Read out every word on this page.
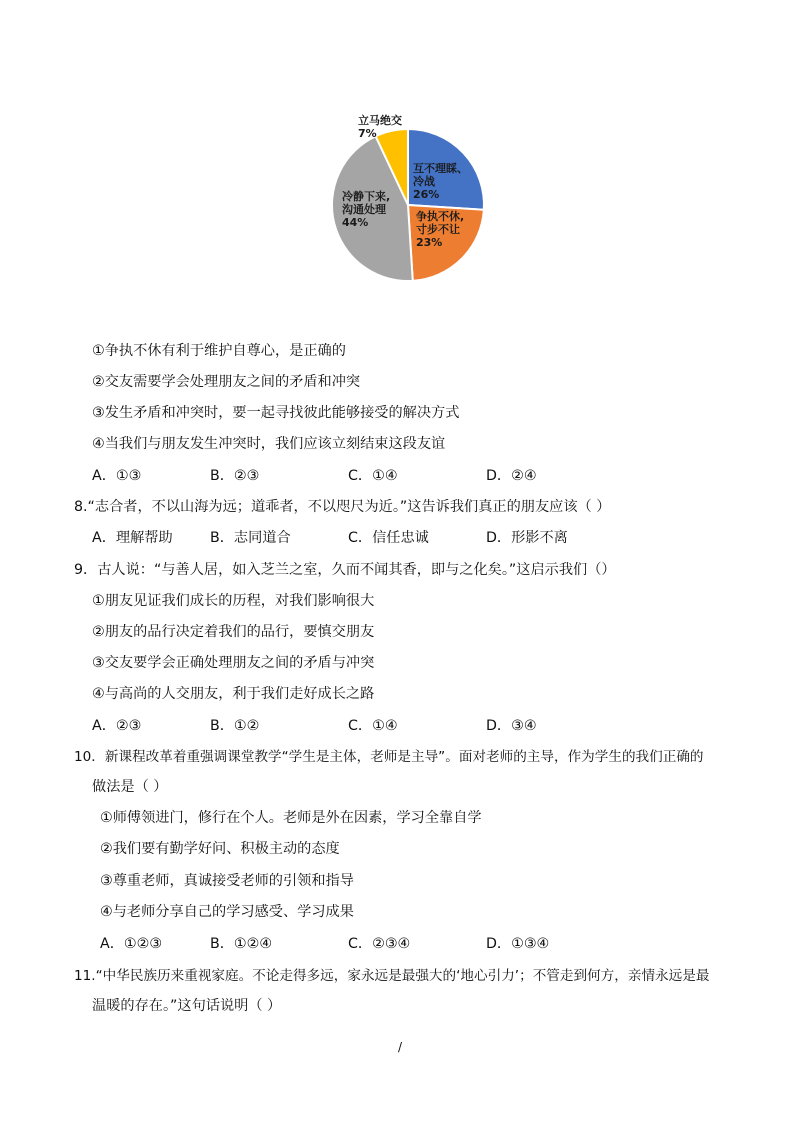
互不理睬、
冷战
26%
争执不休,
寸步不让
23%
冷静下来,
沟通处理
44%
立马绝交
7%
①争执不休有利于维护自尊心，是正确的
②交友需要学会处理朋友之间的矛盾和冲突
③发生矛盾和冲突时，要一起寻找彼此能够接受的解决方式
④当我们与朋友发生冲突时，我们应该立刻结束这段友谊
A．①③	B．②③	C．①④	D．②④
8.“志合者，不以山海为远；道乖者，不以咫尺为近。”这告诉我们真正的朋友应该（ ）
A．理解帮助	B．志同道合	C．信任忠诚	D．形影不离
9．古人说：“与善人居，如入芝兰之室，久而不闻其香，即与之化矣。”这启示我们（）
①朋友见证我们成长的历程，对我们影响很大
②朋友的品行决定着我们的品行，要慎交朋友
③交友要学会正确处理朋友之间的矛盾与冲突
④与高尚的人交朋友，利于我们走好成长之路
A．②③	B．①②	C．①④	D．③④
10．新课程改革着重强调课堂教学“学生是主体，老师是主导”。面对老师的主导，作为学生的我们正确的
做法是（ ）
①师傅领进门，修行在个人。老师是外在因素，学习全靠自学
②我们要有勤学好问、积极主动的态度
③尊重老师，真诚接受老师的引领和指导
④与老师分享自己的学习感受、学习成果
A．①②③	B．①②④	C．②③④	D．①③④
11.“中华民族历来重视家庭。不论走得多远，家永远是最强大的‘地心引力’；不管走到何方，亲情永远是最
温暖的存在。”这句话说明（ ）
/
